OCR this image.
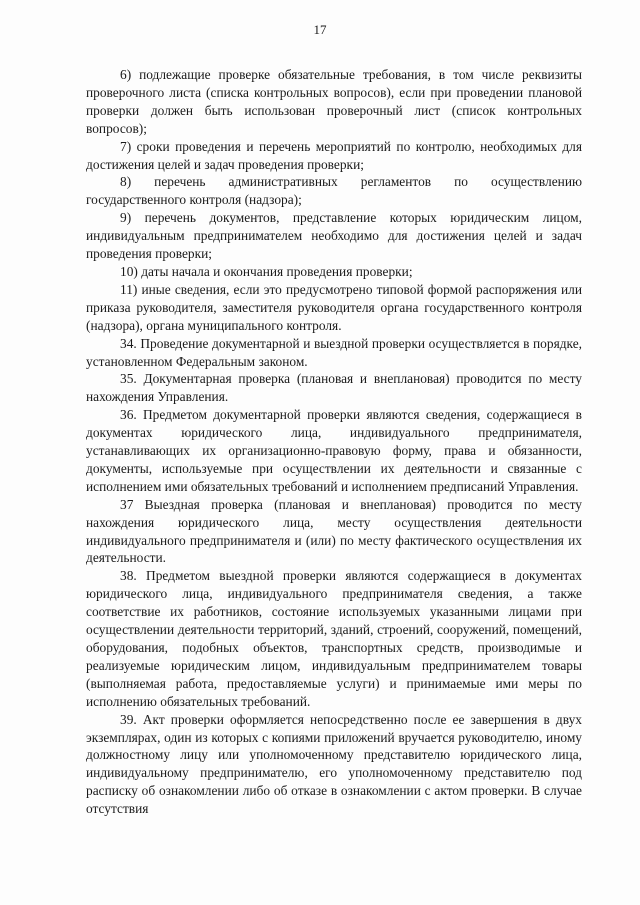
17

6) подлежащие проверке обязательные требования, в том числе реквизиты проверочного листа (списка контрольных вопросов), если при проведении плановой проверки должен быть использован проверочный лист (список контрольных вопросов);

7) сроки проведения и перечень мероприятий по контролю, необходимых для достижения целей и задач проведения проверки;

8) перечень административных регламентов по осуществлению государственного контроля (надзора);

9) перечень документов, представление которых юридическим лицом, индивидуальным предпринимателем необходимо для достижения целей и задач проведения проверки;

10) даты начала и окончания проведения проверки;

11) иные сведения, если это предусмотрено типовой формой распоряжения или приказа руководителя, заместителя руководителя органа государственного контроля (надзора), органа муниципального контроля.

34. Проведение документарной и выездной проверки осуществляется в порядке, установленном Федеральным законом.

35. Документарная проверка (плановая и внеплановая) проводится по месту нахождения Управления.

36. Предметом документарной проверки являются сведения, содержащиеся в документах юридического лица, индивидуального предпринимателя, устанавливающих их организационно-правовую форму, права и обязанности, документы, используемые при осуществлении их деятельности и связанные с исполнением ими обязательных требований и исполнением предписаний Управления.

37 Выездная проверка (плановая и внеплановая) проводится по месту нахождения юридического лица, месту осуществления деятельности индивидуального предпринимателя и (или) по месту фактического осуществления их деятельности.

38. Предметом выездной проверки являются содержащиеся в документах юридического лица, индивидуального предпринимателя сведения, а также соответствие их работников, состояние используемых указанными лицами при осуществлении деятельности территорий, зданий, строений, сооружений, помещений, оборудования, подобных объектов, транспортных средств, производимые и реализуемые юридическим лицом, индивидуальным предпринимателем товары (выполняемая работа, предоставляемые услуги) и принимаемые ими меры по исполнению обязательных требований.

39. Акт проверки оформляется непосредственно после ее завершения в двух экземплярах, один из которых с копиями приложений вручается руководителю, иному должностному лицу или уполномоченному представителю юридического лица, индивидуальному предпринимателю, его уполномоченному представителю под расписку об ознакомлении либо об отказе в ознакомлении с актом проверки. В случае отсутствия
